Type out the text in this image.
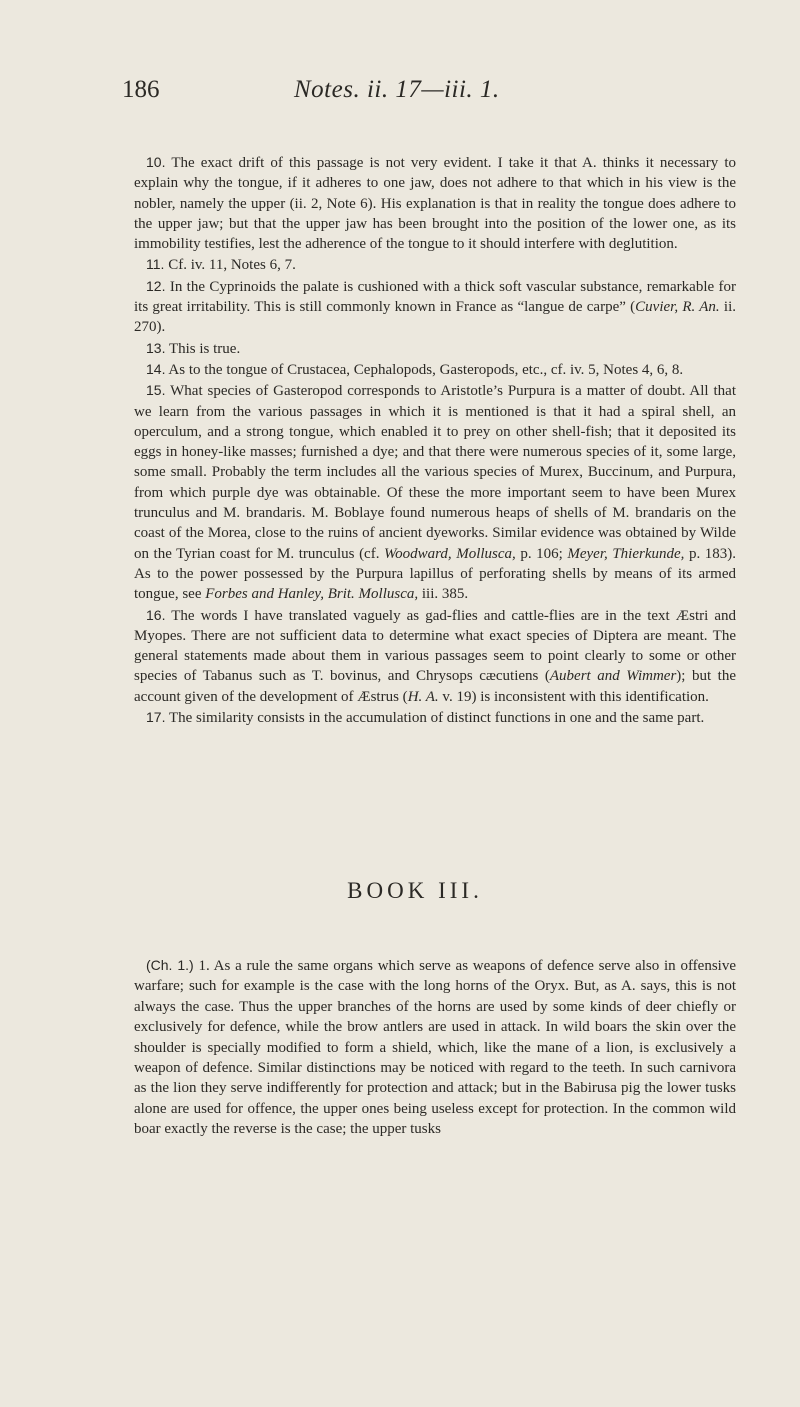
186	Notes. ii. 17—iii. 1.

10. The exact drift of this passage is not very evident. I take it that A. thinks it necessary to explain why the tongue, if it adheres to one jaw, does not adhere to that which in his view is the nobler, namely the upper (ii. 2, Note 6). His explanation is that in reality the tongue does adhere to the upper jaw; but that the upper jaw has been brought into the position of the lower one, as its immobility testifies, lest the adherence of the tongue to it should interfere with deglutition.

11. Cf. iv. 11, Notes 6, 7.

12. In the Cyprinoids the palate is cushioned with a thick soft vascular substance, remarkable for its great irritability. This is still commonly known in France as “langue de carpe” (Cuvier, R. An. ii. 270).

13. This is true.

14. As to the tongue of Crustacea, Cephalopods, Gasteropods, etc., cf. iv. 5, Notes 4, 6, 8.

15. What species of Gasteropod corresponds to Aristotle’s Purpura is a matter of doubt. All that we learn from the various passages in which it is mentioned is that it had a spiral shell, an operculum, and a strong tongue, which enabled it to prey on other shell-fish; that it deposited its eggs in honey-like masses; furnished a dye; and that there were numerous species of it, some large, some small. Probably the term includes all the various species of Murex, Buccinum, and Purpura, from which purple dye was obtainable. Of these the more important seem to have been Murex trunculus and M. brandaris. M. Boblaye found numerous heaps of shells of M. brandaris on the coast of the Morea, close to the ruins of ancient dyeworks. Similar evidence was obtained by Wilde on the Tyrian coast for M. trunculus (cf. Woodward, Mollusca, p. 106; Meyer, Thierkunde, p. 183). As to the power possessed by the Purpura lapillus of perforating shells by means of its armed tongue, see Forbes and Hanley, Brit. Mollusca, iii. 385.

16. The words I have translated vaguely as gad-flies and cattle-flies are in the text Æstri and Myopes. There are not sufficient data to determine what exact species of Diptera are meant. The general statements made about them in various passages seem to point clearly to some or other species of Tabanus such as T. bovinus, and Chrysops cæcutiens (Aubert and Wimmer); but the account given of the development of Æstrus (H. A. v. 19) is inconsistent with this identification.

17. The similarity consists in the accumulation of distinct functions in one and the same part.

BOOK III.

(Ch. 1.) 1. As a rule the same organs which serve as weapons of defence serve also in offensive warfare; such for example is the case with the long horns of the Oryx. But, as A. says, this is not always the case. Thus the upper branches of the horns are used by some kinds of deer chiefly or exclusively for defence, while the brow antlers are used in attack. In wild boars the skin over the shoulder is specially modified to form a shield, which, like the mane of a lion, is exclusively a weapon of defence. Similar distinctions may be noticed with regard to the teeth. In such carnivora as the lion they serve indifferently for protection and attack; but in the Babirusa pig the lower tusks alone are used for offence, the upper ones being useless except for protection. In the common wild boar exactly the reverse is the case; the upper tusks
